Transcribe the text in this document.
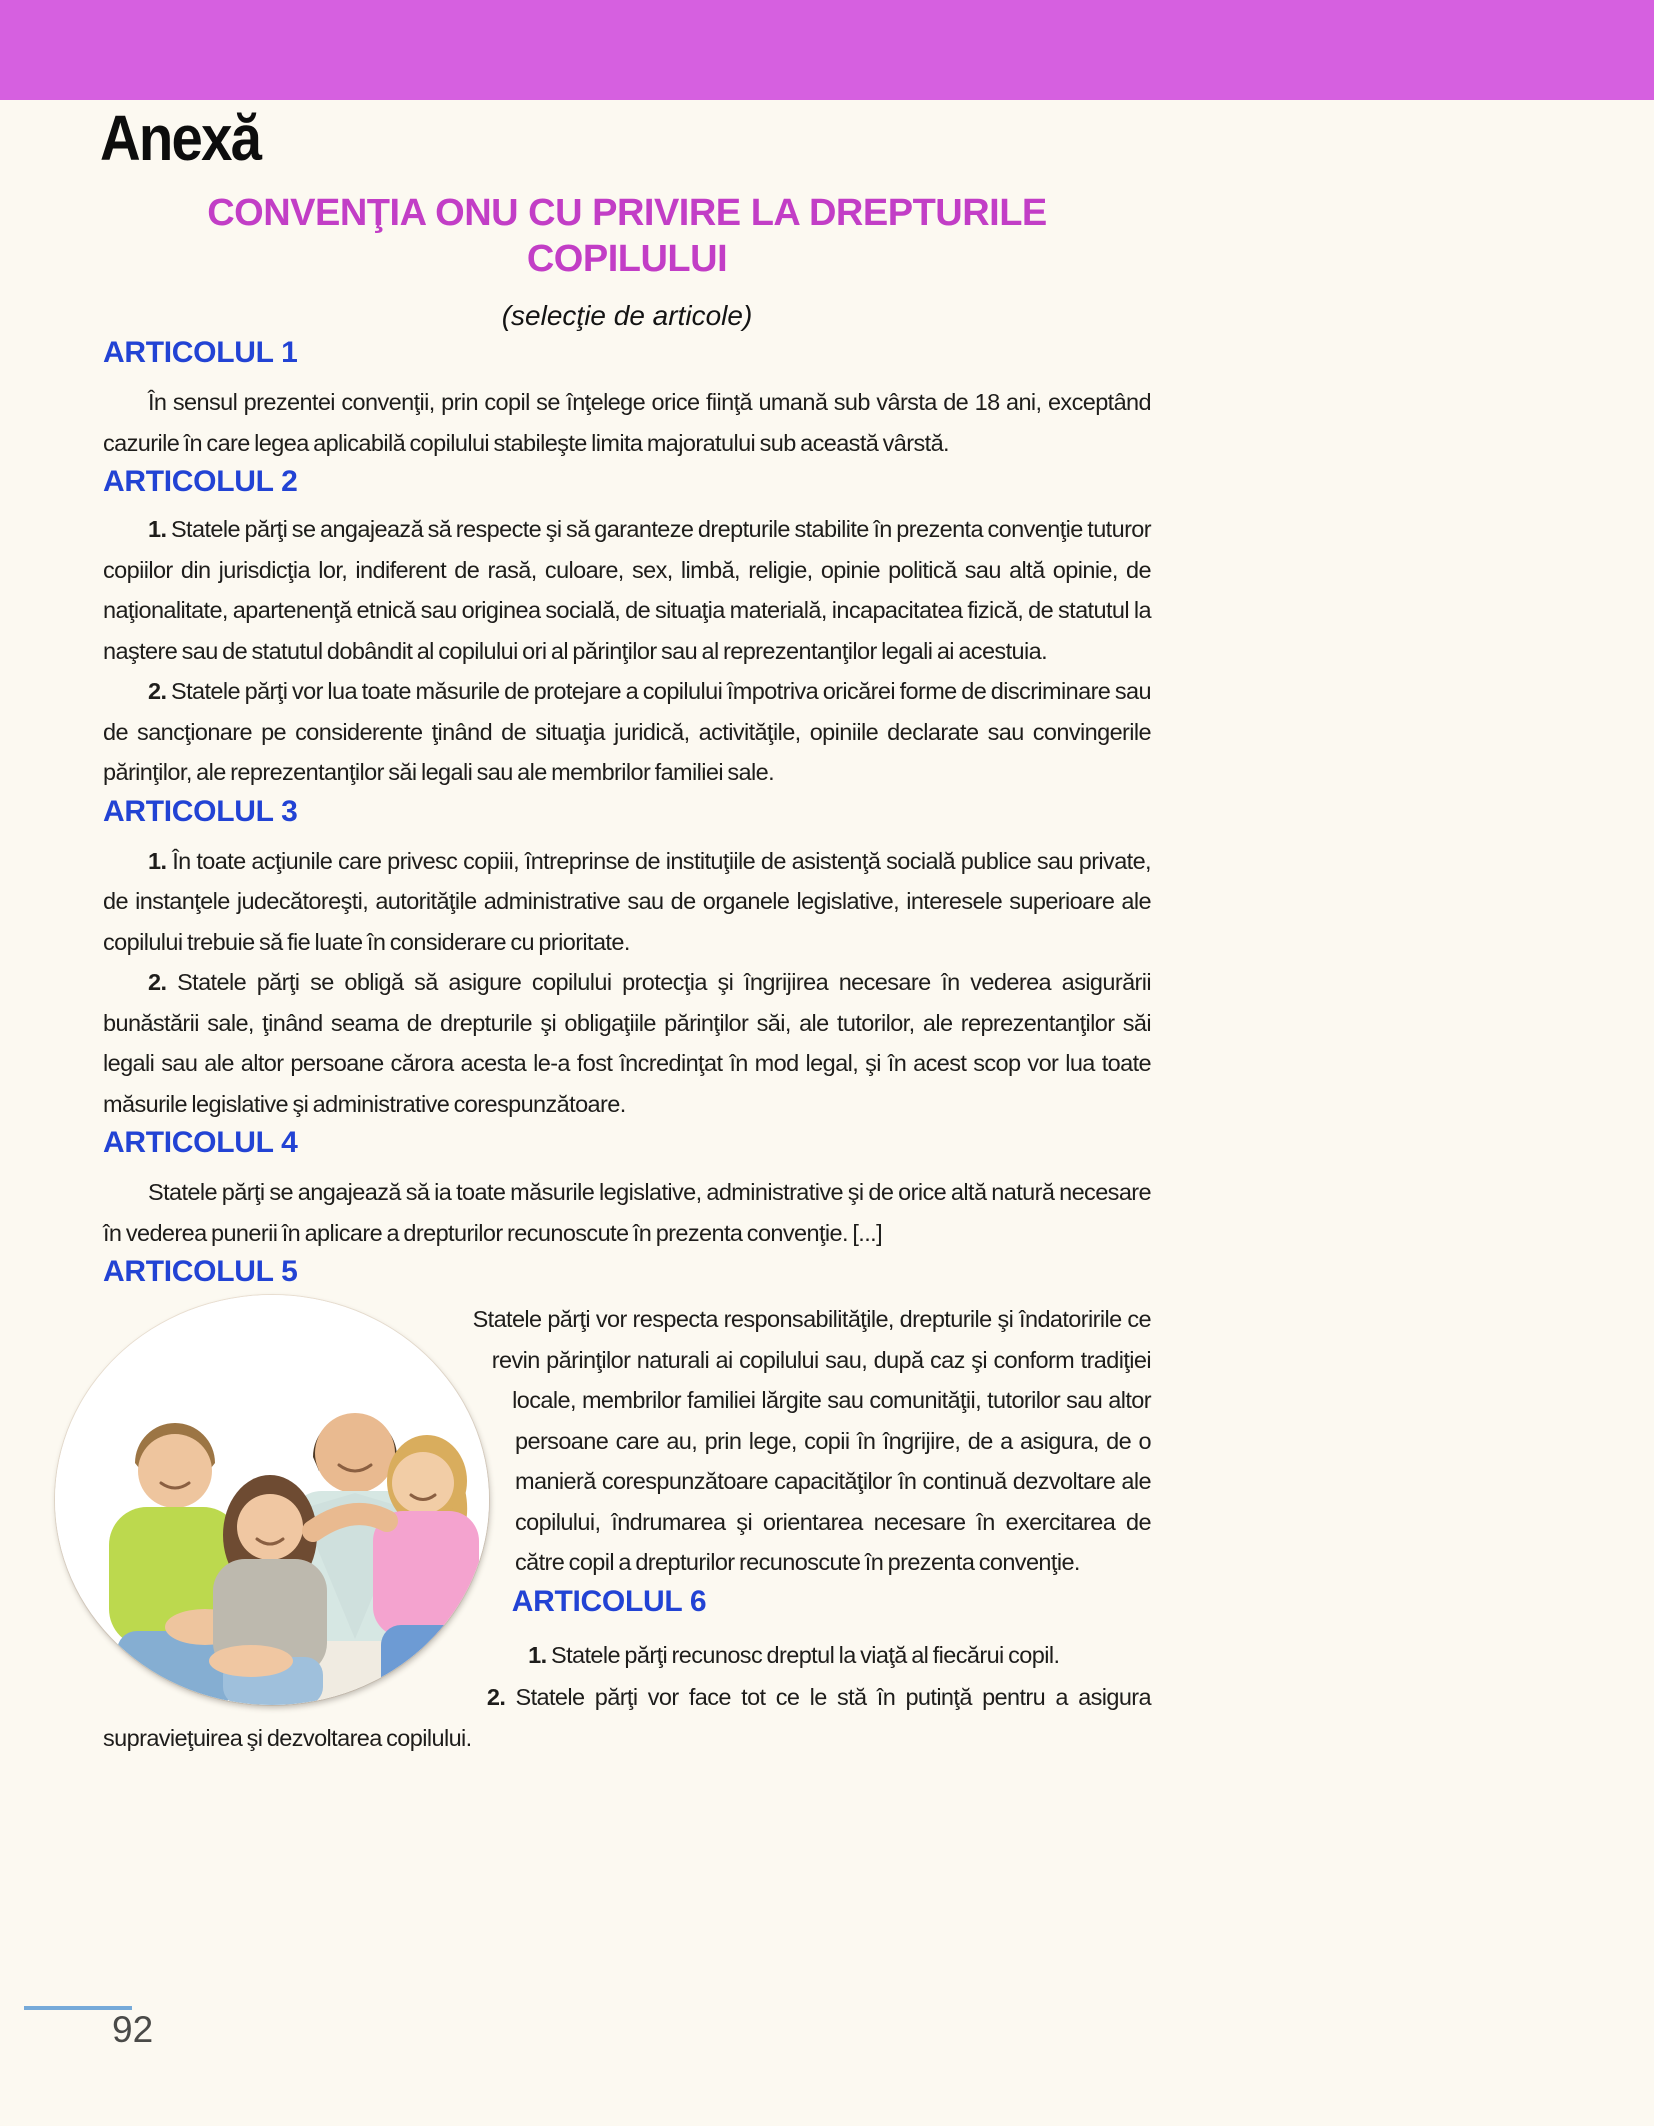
Anexă
CONVENŢIA ONU CU PRIVIRE LA DREPTURILE COPILULUI
(selecţie de articole)
ARTICOLUL 1

În sensul prezentei convenţii, prin copil se înţelege orice fiinţă umană sub vârsta de 18 ani, exceptând cazurile în care legea aplicabilă copilului stabileşte limita majoratului sub această vârstă.

ARTICOLUL 2

1. Statele părţi se angajează să respecte şi să garanteze drepturile stabilite în prezenta convenţie tuturor copiilor din jurisdicţia lor, indiferent de rasă, culoare, sex, limbă, religie, opinie politică sau altă opinie, de naţionalitate, apartenenţă etnică sau originea socială, de situaţia materială, incapacitatea fizică, de statutul la naştere sau de statutul dobândit al copilului ori al părinţilor sau al reprezentanţilor legali ai acestuia.

2. Statele părţi vor lua toate măsurile de protejare a copilului împotriva oricărei forme de discriminare sau de sancţionare pe considerente ţinând de situaţia juridică, activităţile, opiniile declarate sau convingerile părinţilor, ale reprezentanţilor săi legali sau ale membrilor familiei sale.

ARTICOLUL 3

1. În toate acţiunile care privesc copiii, întreprinse de instituţiile de asistenţă socială publice sau private, de instanţele judecătoreşti, autorităţile administrative sau de organele legislative, interesele superioare ale copilului trebuie să fie luate în considerare cu prioritate.

2. Statele părţi se obligă să asigure copilului protecţia şi îngrijirea necesare în vederea asigurării bunăstării sale, ţinând seama de drepturile şi obligaţiile părinţilor săi, ale tutorilor, ale reprezentanţilor săi legali sau ale altor persoane cărora acesta le-a fost încredinţat în mod legal, şi în acest scop vor lua toate măsurile legislative şi administrative corespunzătoare.

ARTICOLUL 4

Statele părţi se angajează să ia toate măsurile legislative, administrative şi de orice altă natură necesare în vederea punerii în aplicare a drepturilor recunoscute în prezenta convenţie. [...]

ARTICOLUL 5

Statele părţi vor respecta responsabilităţile, drepturile şi îndatoririle ce revin părinţilor naturali ai copilului sau, după caz şi conform tradiţiei locale, membrilor familiei lărgite sau comunităţii, tutorilor sau altor persoane care au, prin lege, copii în îngrijire, de a asigura, de o manieră corespunzătoare capacităţilor în continuă dezvoltare ale copilului, îndrumarea şi orientarea necesare în exercitarea de către copil a drepturilor recunoscute în prezenta convenţie.

ARTICOLUL 6

1. Statele părţi recunosc dreptul la viaţă al fiecărui copil.

2. Statele părţi vor face tot ce le stă în putinţă pentru a asigura supravieţuirea şi dezvoltarea copilului.

92
